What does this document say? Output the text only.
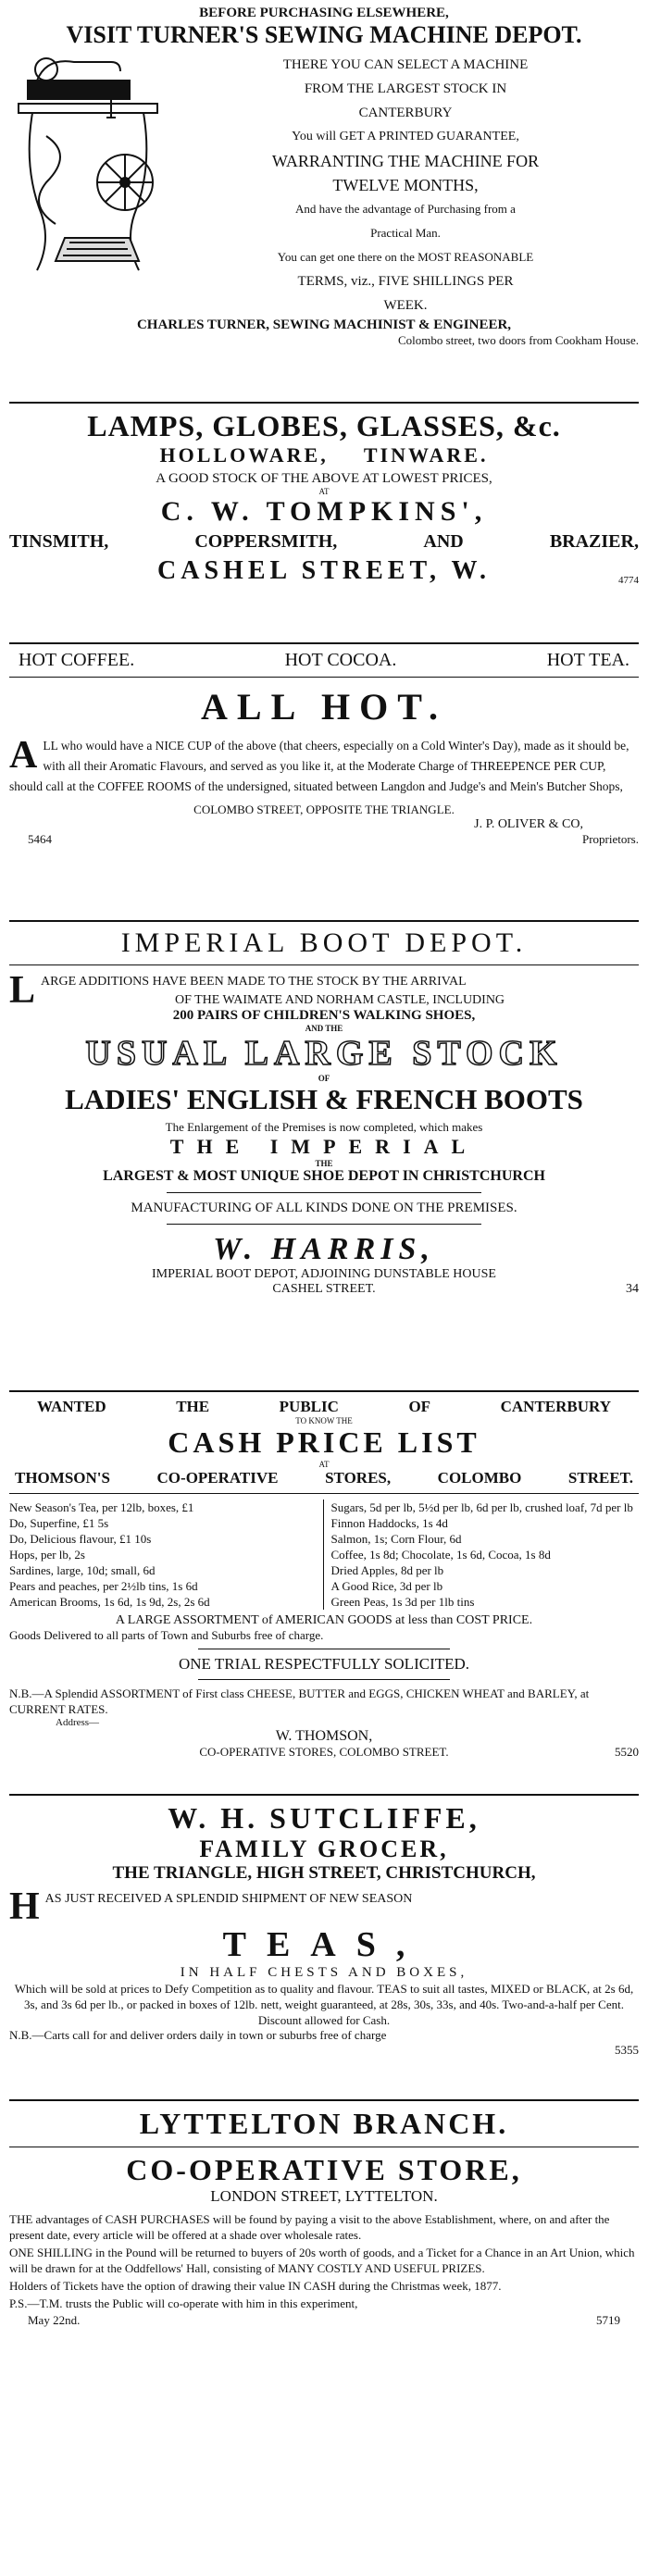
BEFORE PURCHASING ELSEWHERE,
VISIT TURNER'S SEWING MACHINE DEPOT.
THERE YOU CAN SELECT A MACHINE
FROM THE LARGEST STOCK IN
CANTERBURY
You will GET A PRINTED GUARANTEE,
WARRANTING THE MACHINE FOR
TWELVE MONTHS,
And have the advantage of Purchasing from a
Practical Man.
You can get one there on the MOST REASONABLE
TERMS, viz., FIVE SHILLINGS PER
WEEK.
CHARLES TURNER, SEWING MACHINIST & ENGINEER,
Colombo street, two doors from Cookham House.
LAMPS, GLOBES, GLASSES, &c.
HOLLOWARE, TINWARE.
A GOOD STOCK OF THE ABOVE AT LOWEST PRICES,
AT
C. W. TOMPKINS',
TINSMITH,	COPPERSMITH,	AND	BRAZIER,
CASHEL STREET, W.	4774
HOT COFFEE.	HOT COCOA.	HOT TEA.
ALL HOT.
A LL who would have a NICE CUP of the above (that cheers, especially on a Cold Winter's Day), made as it should be, with all their Aromatic Flavours, and served as you like it, at the Moderate Charge of THREEPENCE PER CUP, should call at the COFFEE ROOMS of the undersigned, situated between Langdon and Judge's and Mein's Butcher Shops,
COLOMBO STREET, OPPOSITE THE TRIANGLE.
J. P. OLIVER & CO,
5464	Proprietors.
IMPERIAL BOOT DEPOT.
L ARGE ADDITIONS HAVE BEEN MADE TO THE STOCK BY THE ARRIVAL
OF THE WAIMATE AND NORHAM CASTLE, INCLUDING
200 PAIRS OF CHILDREN'S WALKING SHOES,
AND THE
USUAL LARGE STOCK
OF
LADIES' ENGLISH & FRENCH BOOTS
The Enlargement of the Premises is now completed, which makes
THE IMPERIAL
THE
LARGEST & MOST UNIQUE SHOE DEPOT IN CHRISTCHURCH
MANUFACTURING OF ALL KINDS DONE ON THE PREMISES.
W. HARRIS,
IMPERIAL BOOT DEPOT, ADJOINING DUNSTABLE HOUSE
CASHEL STREET.	34
WANTED	THE	PUBLIC	OF	CANTERBURY
TO KNOW THE
CASH PRICE LIST
AT
THOMSON'S	CO-OPERATIVE	STORES,	COLOMBO	STREET.
New Season's Tea, per 12lb, boxes, £1
Do, Superfine, £1 5s
Do, Delicious flavour, £1 10s
Hops, per lb, 2s
Sardines, large, 10d; small, 6d
Pears and peaches, per 2½lb tins, 1s 6d
American Brooms, 1s 6d, 1s 9d, 2s, 2s 6d
Sugars, 5d per lb, 5½d per lb, 6d per lb, crushed loaf, 7d per lb
Finnon Haddocks, 1s 4d
Salmon, 1s; Corn Flour, 6d
Coffee, 1s 8d; Chocolate, 1s 6d, Cocoa, 1s 8d
Dried Apples, 8d per lb
A Good Rice, 3d per lb
Green Peas, 1s 3d per 1lb tins
A LARGE ASSORTMENT of AMERICAN GOODS at less than COST PRICE.
Goods Delivered to all parts of Town and Suburbs free of charge.
ONE TRIAL RESPECTFULLY SOLICITED.
N.B.—A Splendid ASSORTMENT of First class CHEESE, BUTTER and EGGS, CHICKEN WHEAT and BARLEY, at CURRENT RATES.
Address—
W. THOMSON,
CO-OPERATIVE STORES, COLOMBO STREET.	5520
W. H. SUTCLIFFE,
FAMILY GROCER,
THE TRIANGLE, HIGH STREET, CHRISTCHURCH,
H AS JUST RECEIVED A SPLENDID SHIPMENT OF NEW SEASON
TEAS,
IN HALF CHESTS AND BOXES,
Which will be sold at prices to Defy Competition as to quality and flavour. TEAS to suit all tastes, MIXED or BLACK, at 2s 6d, 3s, and 3s 6d per lb., or packed in boxes of 12lb. nett, weight guaranteed, at 28s, 30s, 33s, and 40s. Two-and-a-half per Cent. Discount allowed for Cash.
N.B.—Carts call for and deliver orders daily in town or suburbs free of charge
5355
LYTTELTON BRANCH.
CO-OPERATIVE STORE,
LONDON STREET, LYTTELTON.

THE advantages of CASH PURCHASES will be found by paying a visit to the above Establishment, where, on and after the present date, every article will be offered at a shade over wholesale rates.

ONE SHILLING in the Pound will be returned to buyers of 20s worth of goods, and a Ticket for a Chance in an Art Union, which will be drawn for at the Oddfellows' Hall, consisting of MANY COSTLY AND USEFUL PRIZES.

Holders of Tickets have the option of drawing their value IN CASH during the Christmas week, 1877.

P.S.—T.M. trusts the Public will co-operate with him in this experiment,

May 22nd.	5719
